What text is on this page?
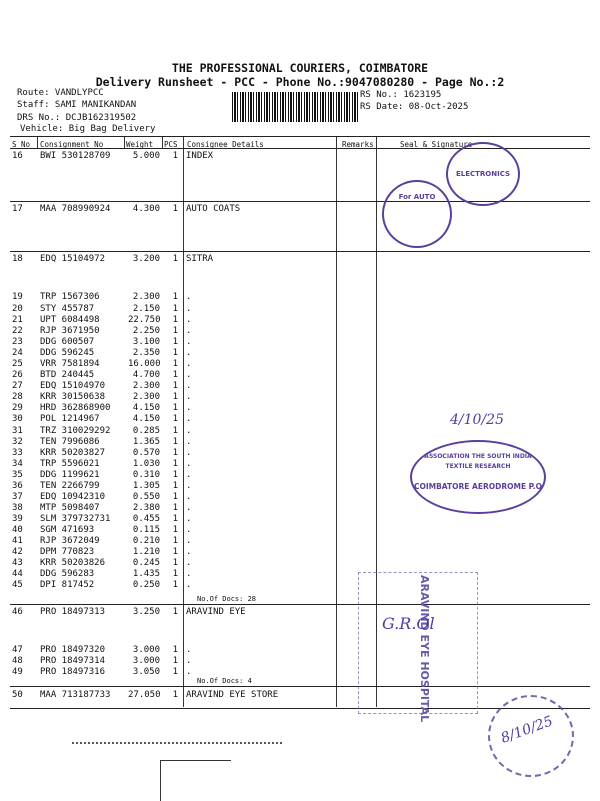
THE PROFESSIONAL COURIERS, COIMBATORE
Delivery Runsheet - PCC - Phone No.:9047080280 - Page No.:2
Route: VANDLYPCC
Staff: SAMI MANIKANDAN
DRS No.: DCJB162319502
Vehicle: Big Bag Delivery
RS No.: 1623195
RS Date: 08-Oct-2025
S No Consignment No	Weight PCS Consignee Details	Remarks	Seal & Signature
16 BWI 530128709	5.000	1 INDEX
17 MAA 708990924	4.300	1 AUTO COATS
18 EDQ 15104972	3.200	1 SITRA
19 TRP 1567306	2.300	1 .
20 STY 455787	2.150	1 .
21 UPT 6084498	22.750	1 .
22 RJP 3671950	2.250	1 .
23 DDG 600507	3.100	1 .
24 DDG 596245	2.350	1 .
25 VRR 7581894	16.000	1 .
26 BTD 240445	4.700	1 .
27 EDQ 15104970	2.300	1 .
28 KRR 30150638	2.300	1 .
29 HRD 362868900	4.150	1 .
30 POL 1214967	4.150	1 .
31 TRZ 310029292	0.285	1 .
32 TEN 7996086	1.365	1 .
33 KRR 50203827	0.570	1 .
34 TRP 5596021	1.030	1 .
35 DDG 1199621	0.310	1 .
36 TEN 2266799	1.305	1 .
37 EDQ 10942310	0.550	1 .
38 MTP 5098407	2.380	1 .
39 SLM 379732731	0.455	1 .
40 SGM 471693	0.115	1 .
41 RJP 3672049	0.210	1 .
42 DPM 770823	1.210	1 .
43 KRR 50203826	0.245	1 .
44 DDG 596283	1.435	1 .
45 DPI 817452	0.250	1 .
46 PRO 18497313	3.250	1 ARAVIND EYE
47 PRO 18497320	3.000	1 .
48 PRO 18497314	3.000	1 .
49 PRO 18497316	3.050	1 .
50 MAA 713187733 27.050	1 ARAVIND EYE STORE
No.Of Docs: 28
No.Of Docs: 4
ELECTRONICS
For AUTO
ASSOCIATION THE SOUTH INDIA TEXTILE RESEARCH
COIMBATORE AERODROME P.O
4/10/25
ARAVIND EYE HOSPITAL
G.R.Ol
8/10/25
